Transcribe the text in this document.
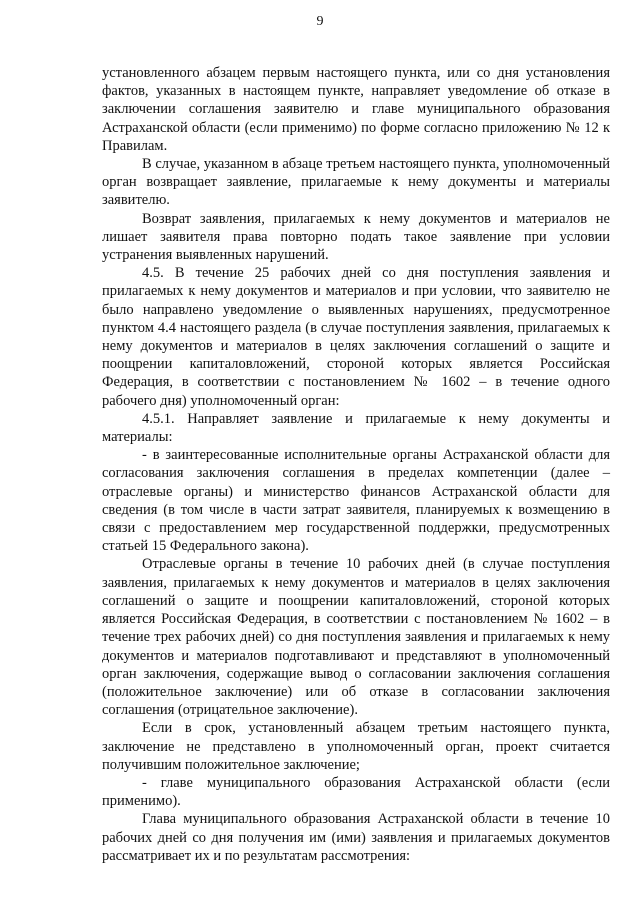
9

установленного абзацем первым настоящего пункта, или со дня установления фактов, указанных в настоящем пункте, направляет уведомление об отказе в заключении соглашения заявителю и главе муниципального образования Астраханской области (если применимо) по форме согласно приложению № 12 к Правилам.

В случае, указанном в абзаце третьем настоящего пункта, уполномоченный орган возвращает заявление, прилагаемые к нему документы и материалы заявителю.

Возврат заявления, прилагаемых к нему документов и материалов не лишает заявителя права повторно подать такое заявление при условии устранения выявленных нарушений.

4.5. В течение 25 рабочих дней со дня поступления заявления и прилагаемых к нему документов и материалов и при условии, что заявителю не было направлено уведомление о выявленных нарушениях, предусмотренное пунктом 4.4 настоящего раздела (в случае поступления заявления, прилагаемых к нему документов и материалов в целях заключения соглашений о защите и поощрении капиталовложений, стороной которых является Российская Федерация, в соответствии с постановлением № 1602 – в течение одного рабочего дня) уполномоченный орган:

4.5.1. Направляет заявление и прилагаемые к нему документы и материалы:

- в заинтересованные исполнительные органы Астраханской области для согласования заключения соглашения в пределах компетенции (далее – отраслевые органы) и министерство финансов Астраханской области для сведения (в том числе в части затрат заявителя, планируемых к возмещению в связи с предоставлением мер государственной поддержки, предусмотренных статьей 15 Федерального закона).

Отраслевые органы в течение 10 рабочих дней (в случае поступления заявления, прилагаемых к нему документов и материалов в целях заключения соглашений о защите и поощрении капиталовложений, стороной которых является Российская Федерация, в соответствии с постановлением № 1602 – в течение трех рабочих дней) со дня поступления заявления и прилагаемых к нему документов и материалов подготавливают и представляют в уполномоченный орган заключения, содержащие вывод о согласовании заключения соглашения (положительное заключение) или об отказе в согласовании заключения соглашения (отрицательное заключение).

Если в срок, установленный абзацем третьим настоящего пункта, заключение не представлено в уполномоченный орган, проект считается получившим положительное заключение;

- главе муниципального образования Астраханской области (если применимо).

Глава муниципального образования Астраханской области в течение 10 рабочих дней со дня получения им (ими) заявления и прилагаемых документов рассматривает их и по результатам рассмотрения:
